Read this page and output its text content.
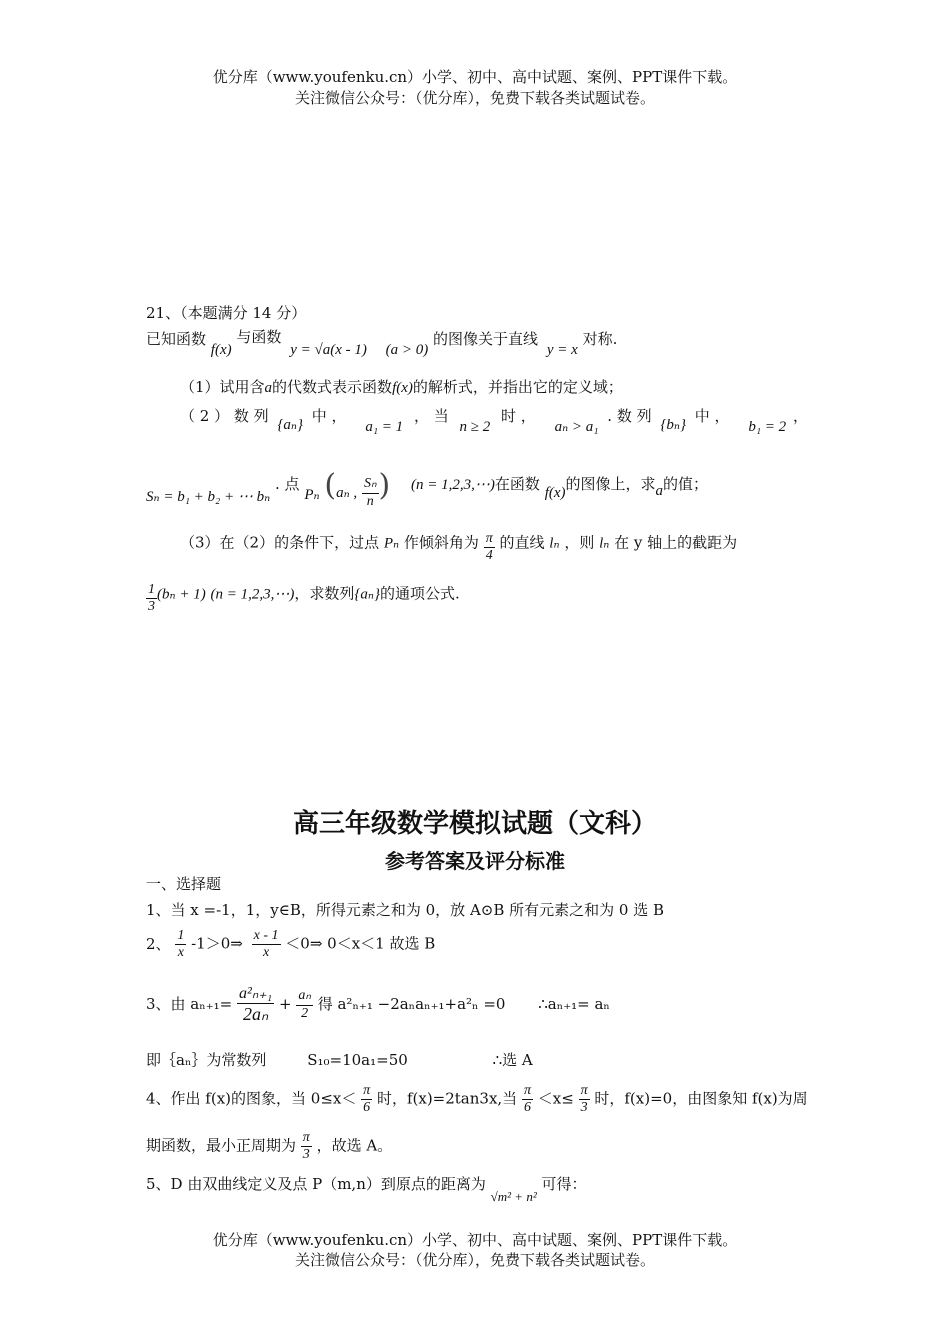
优分库（www.youfenku.cn）小学、初中、高中试题、案例、PPT课件下载。
关注微信公众号：（优分库），免费下载各类试题试卷。
21、（本题满分 14 分）
已知函数 f(x) 与函数 y = √a(x - 1) (a > 0) 的图像关于直线 y = x 对称.
（1）试用含a的代数式表示函数f(x)的解析式，并指出它的定义域；
（ 2 ） 数 列 {aₙ} 中 ， a₁ = 1 ， 当 n ≥ 2 时 ， aₙ > a₁ . 数 列 {bₙ} 中 ， b₁ = 2 ，
Sₙ = b₁ + b₂ + ⋯ bₙ . 点 Pₙ (aₙ , $\frac{\text{Sₙ}}{n}$ ) (n = 1,2,3,⋯)在函数 f(x)的图像上，求a的值；
（3）在（2）的条件下，过点 Pₙ 作倾斜角为 $\frac{\pi}{4}$ 的直线 lₙ ，则 lₙ 在 y 轴上的截距为
$\frac{1}{3} (b_n + 1) (n$ = 1,2,3,⋯)，求数列{aₙ}的通项公式.
高三年级数学模拟试题（文科）
参考答案及评分标准
一、选择题
1、当 x =-1，1，y∈B，所得元素之和为 0，放 A⊙B 所有元素之和为 0 选 B
2、 $\frac{1}{x}$ -1＞0⇒ $\frac{x - 1}{x}$ ＜0⇒ 0＜x＜1 故选 B
3、由 $a_{n+1}= \frac{\text{a²ₙ₊₁}}{\text{2aₙ}} + \frac{\text{aₙ}}{2}$ 得 a²ₙ₊₁ −2aₙaₙ₊₁+a²ₙ =0 ∴aₙ₊₁= aₙ
即｛aₙ｝为常数列	S₁₀=10a₁=50	∴选 A
4、作出 f(x)的图象，当 $0\le x< \frac{\pi}{6}$ 时，f(x)=2tan3x,当 $\frac{\pi}{6} <x\le \frac{\pi}{3}$ 时，f(x)=0，由图象知 f(x)为周
期函数，最小正周期为 $\frac{\pi}{3}$ ，故选 A。
5、D 由双曲线定义及点 P（m,n）到原点的距离为 √m² + n² 可得：
优分库（www.youfenku.cn）小学、初中、高中试题、案例、PPT课件下载。
关注微信公众号：（优分库），免费下载各类试题试卷。
